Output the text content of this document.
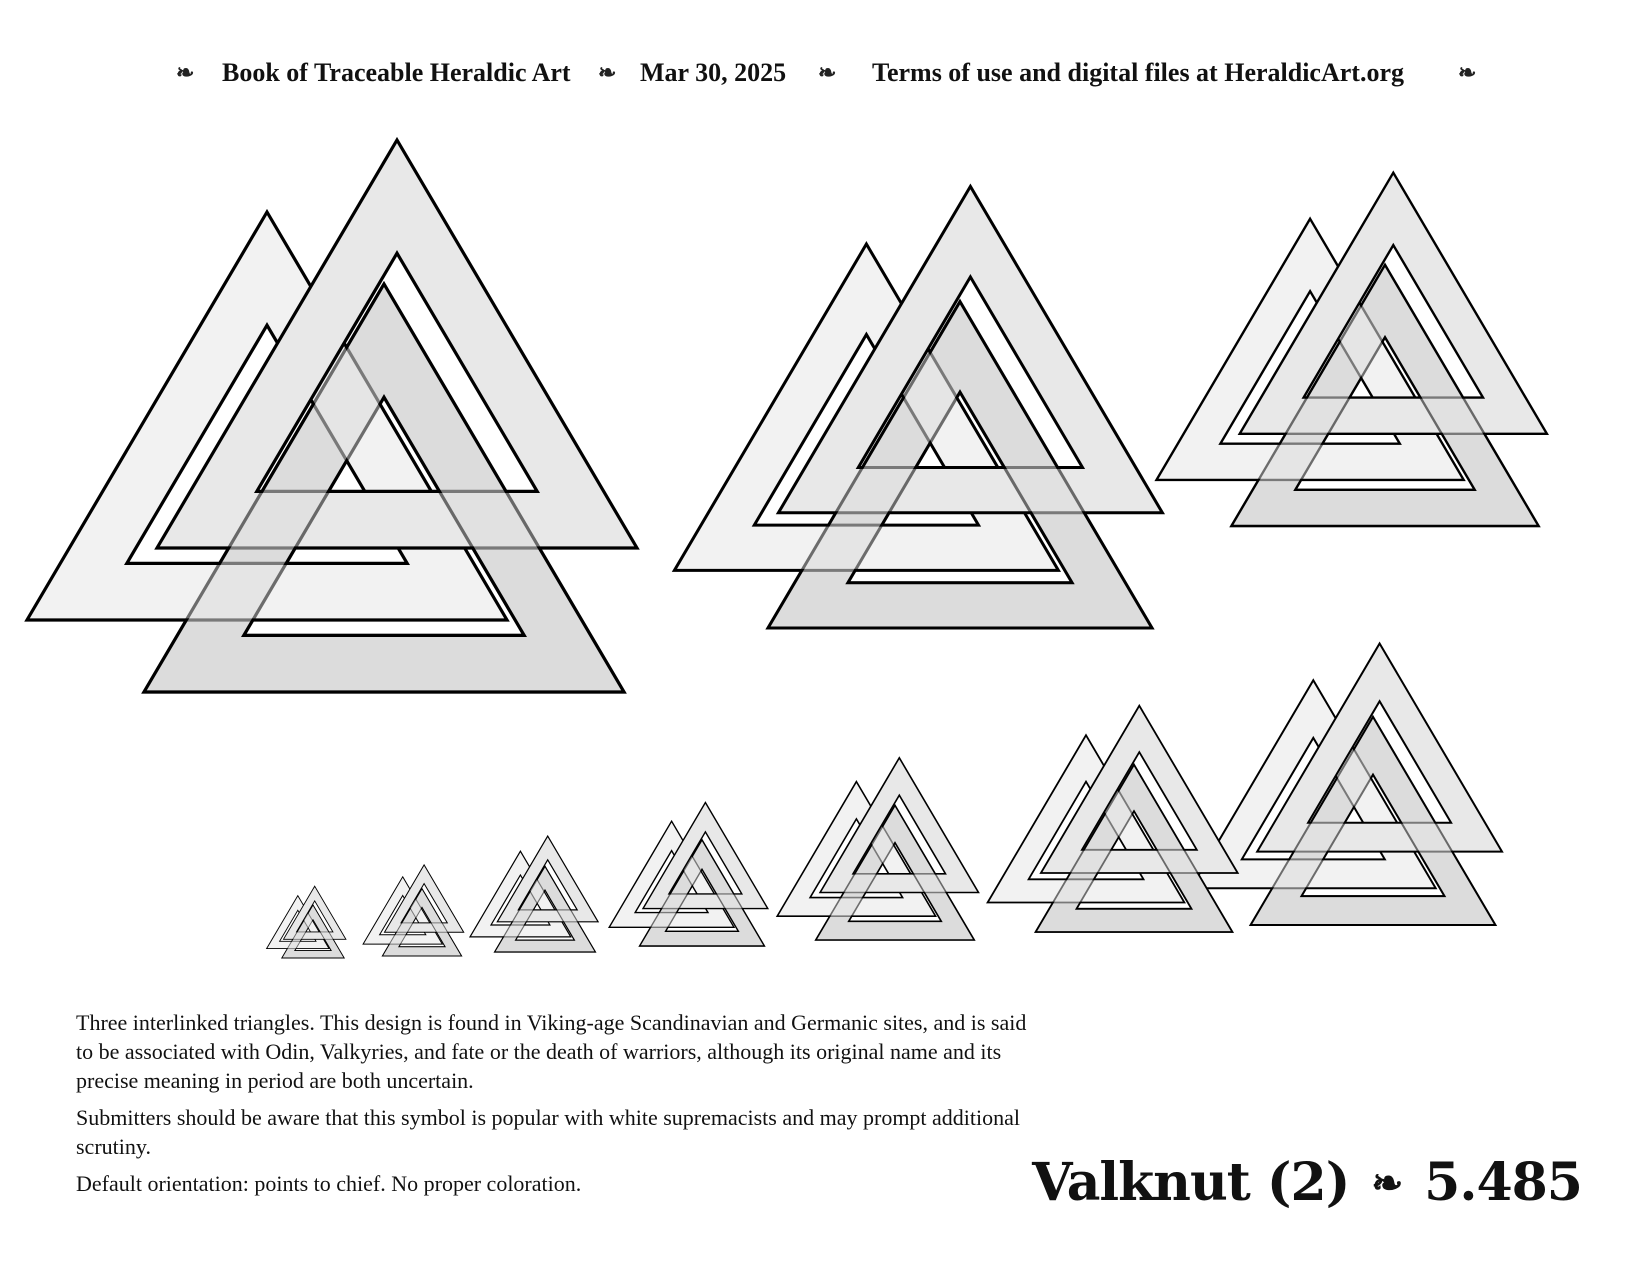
❧ Book of Traceable Heraldic Art ❧ Mar 30, 2025 ❧ Terms of use and digital files at HeraldicArt.org ❧

Three interlinked triangles. This design is found in Viking-age Scandinavian and Germanic sites, and is said to be associated with Odin, Valkyries, and fate or the death of warriors, although its original name and its precise meaning in period are both uncertain.

Submitters should be aware that this symbol is popular with white supremacists and may prompt additional scrutiny.

Default orientation: points to chief. No proper coloration.	Valknut (2) ❧ 5.485
